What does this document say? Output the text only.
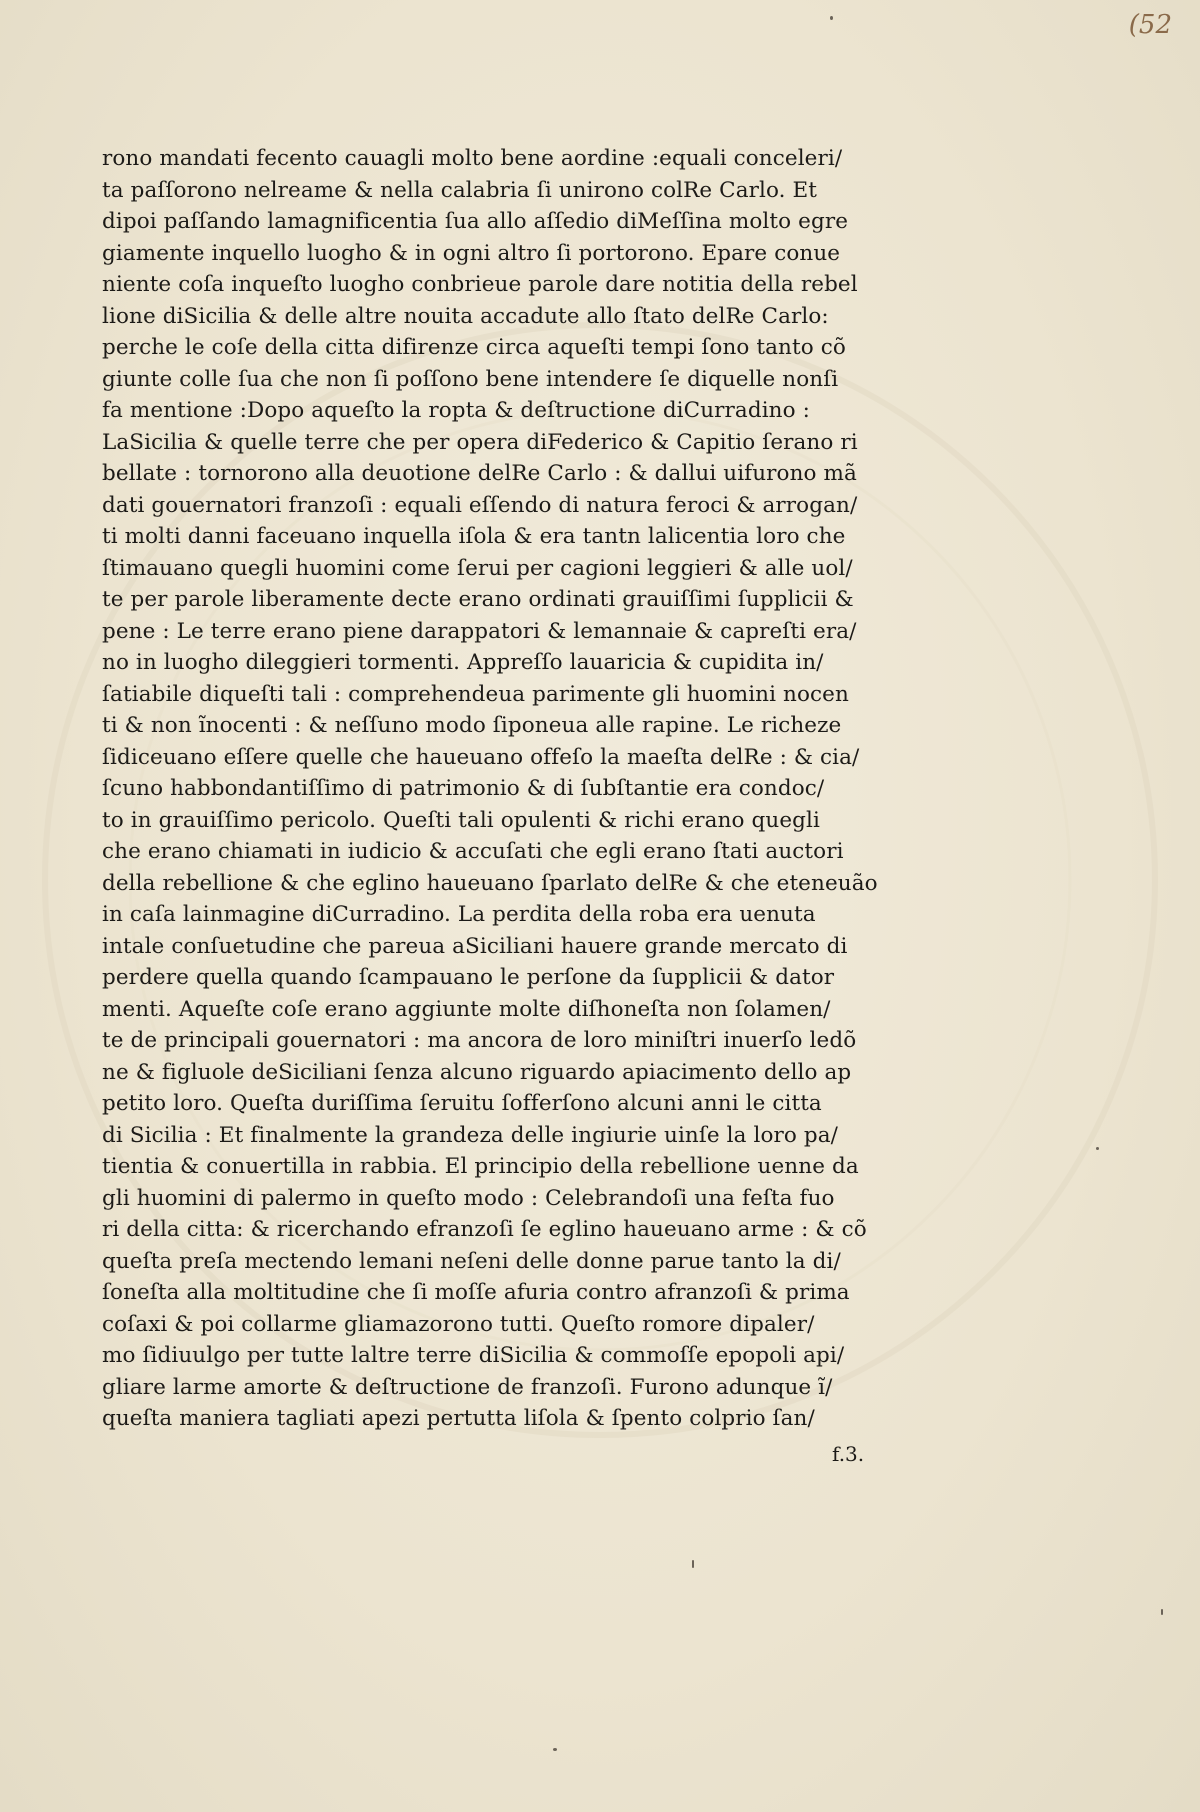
(52
rono mandati fecento cauagli molto bene aordine :equali conceleri/
ta paſſorono nelreame & nella calabria ſi unirono colRe Carlo. Et
dipoi paſſando lamagnificentia ſua allo aſſedio diMeſſina molto egre
giamente inquello luogho & in ogni altro ſi portorono. Epare conue
niente coſa inqueſto luogho conbrieue parole dare notitia della rebel
lione diSicilia & delle altre nouita accadute allo ſtato delRe Carlo:
perche le coſe della citta difirenze circa aqueſti tempi ſono tanto cõ
giunte colle ſua che non ſi poſſono bene intendere ſe diquelle nonſi
fa mentione :Dopo aqueſto la ropta & deſtructione diCurradino :
LaSicilia & quelle terre che per opera diFederico & Capitio ſerano ri
bellate : tornorono alla deuotione delRe Carlo : & dallui uifurono mã
dati gouernatori franzoſi : equali eſſendo di natura feroci & arrogan/
ti molti danni faceuano inquella iſola & era tantn lalicentia loro che
ſtimauano quegli huomini come ſerui per cagioni leggieri & alle uol/
te per parole liberamente decte erano ordinati grauiſſimi ſupplicii &
pene : Le terre erano piene darappatori & lemannaie & capreſti era/
no in luogho dileggieri tormenti. Appreſſo lauaricia & cupidita in/
ſatiabile diqueſti tali : comprehendeua parimente gli huomini nocen
ti & non ĩnocenti : & neſſuno modo ſiponeua alle rapine. Le richeze
ſidiceuano eſſere quelle che haueuano offeſo la maeſta delRe : & cia/
ſcuno habbondantiſſimo di patrimonio & di ſubſtantie era condoc/
to in grauiſſimo pericolo. Queſti tali opulenti & richi erano quegli
che erano chiamati in iudicio & accuſati che egli erano ſtati auctori
della rebellione & che eglino haueuano ſparlato delRe & che eteneuão
in caſa lainmagine diCurradino. La perdita della roba era uenuta
intale conſuetudine che pareua aSiciliani hauere grande mercato di
perdere quella quando ſcampauano le perſone da ſupplicii & dator
menti. Aqueſte coſe erano aggiunte molte diſhoneſta non ſolamen/
te de principali gouernatori : ma ancora de loro miniſtri inuerſo ledõ
ne & figluole deSiciliani ſenza alcuno riguardo apiacimento dello ap
petito loro. Queſta duriſſima ſeruitu ſofferſono alcuni anni le citta
di Sicilia : Et finalmente la grandeza delle ingiurie uinſe la loro pa/
tientia & conuertilla in rabbia. El principio della rebellione uenne da
gli huomini di palermo in queſto modo : Celebrandoſi una feſta fuo
ri della citta: & ricerchando efranzoſi ſe eglino haueuano arme : & cõ
queſta preſa mectendo lemani neſeni delle donne parue tanto la di/
ſoneſta alla moltitudine che ſi moſſe afuria contro afranzoſi & prima
coſaxi & poi collarme gliamazorono tutti. Queſto romore dipaler/
mo ſidiuulgo per tutte laltre terre diSicilia & commoſſe epopoli api/
gliare larme amorte & deſtructione de franzoſi. Furono adunque ĩ/
queſta maniera tagliati apezi pertutta liſola & ſpento colprio ſan/
f.3.
